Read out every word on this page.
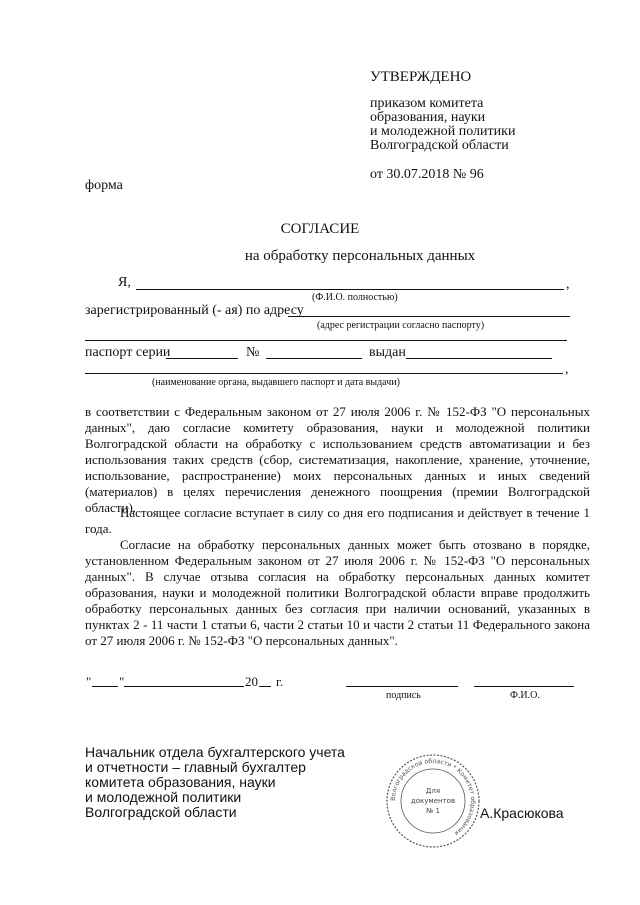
УТВЕРЖДЕНО
приказом комитета
образования, науки
и молодежной политики
Волгоградской области
от 30.07.2018 № 96
форма
СОГЛАСИЕ
на обработку персональных данных
Я,	,
(Ф.И.О. полностью)
зарегистрированный (- ая) по адресу
(адрес регистрации согласно паспорту)
паспорт серии	№	выдан
,
(наименование органа, выдавшего паспорт и дата выдачи)
в соответствии с Федеральным законом от 27 июля 2006 г. № 152-ФЗ "О персональных данных", даю согласие комитету образования, науки и молодежной политики Волгоградской области на обработку с использованием средств автоматизации и без использования таких средств (сбор, систематизация, накопление, хранение, уточнение, использование, распространение) моих персональных данных и иных сведений (материалов) в целях перечисления денежного поощрения (премии Волгоградской области).
Настоящее согласие вступает в силу со дня его подписания и действует в течение 1 года.
Согласие на обработку персональных данных может быть отозвано в порядке, установленном Федеральным законом от 27 июля 2006 г. № 152-ФЗ "О персональных данных". В случае отзыва согласия на обработку персональных данных комитет образования, науки и молодежной политики Волгоградской области вправе продолжить обработку персональных данных без согласия при наличии оснований, указанных в пунктах 2 - 11 части 1 статьи 6, части 2 статьи 10 и части 2 статьи 11 Федерального закона от 27 июля 2006 г. № 152-ФЗ "О персональных данных".
" "	20 г.
подпись	Ф.И.О.
Начальник отдела бухгалтерского учета
и отчетности – главный бухгалтер
комитета образования, науки
и молодежной политики
Волгоградской области	А.Красюкова
Волгоградской области * Комитет образования
Для
документов
№ 1
